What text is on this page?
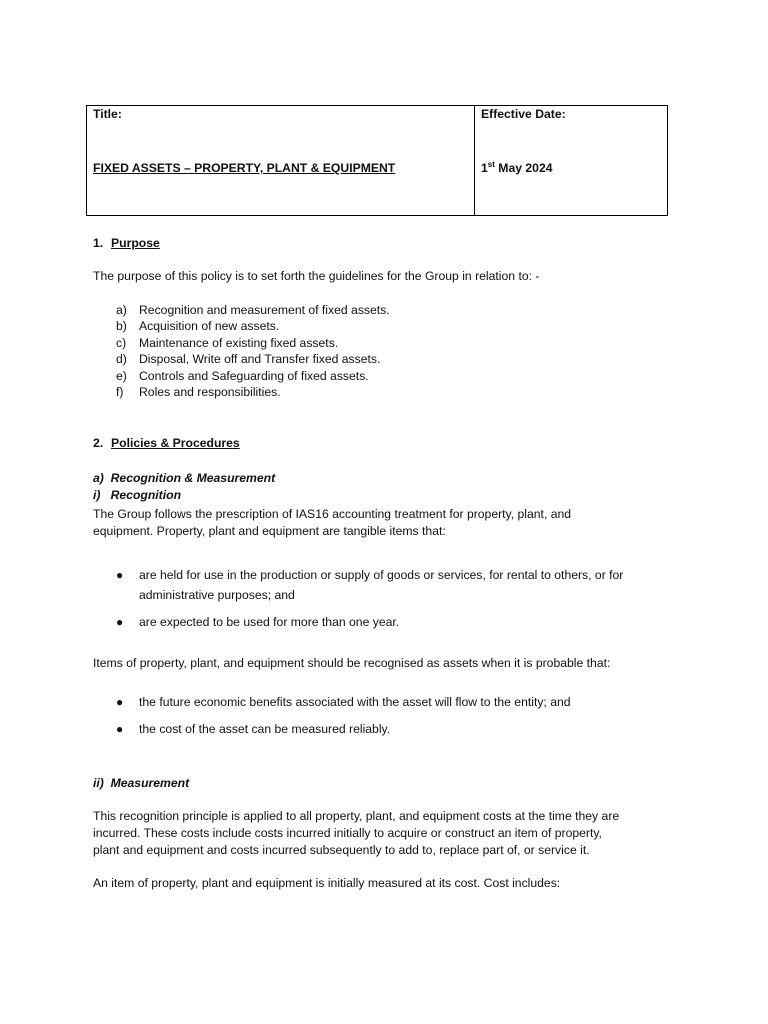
Title:
FIXED ASSETS – PROPERTY, PLANT & EQUIPMENT
Effective Date:
1st May 2024
1. Purpose
The purpose of this policy is to set forth the guidelines for the Group in relation to: -
a) Recognition and measurement of fixed assets.
b) Acquisition of new assets.
c) Maintenance of existing fixed assets.
d) Disposal, Write off and Transfer fixed assets.
e) Controls and Safeguarding of fixed assets.
f) Roles and responsibilities.
2. Policies & Procedures
a)  Recognition & Measurement
i)   Recognition
The Group follows the prescription of IAS16 accounting treatment for property, plant, and
equipment. Property, plant and equipment are tangible items that:
● are held for use in the production or supply of goods or services, for rental to others, or for
administrative purposes; and
● are expected to be used for more than one year.
Items of property, plant, and equipment should be recognised as assets when it is probable that:
● the future economic benefits associated with the asset will flow to the entity; and
● the cost of the asset can be measured reliably.
ii)  Measurement
This recognition principle is applied to all property, plant, and equipment costs at the time they are
incurred. These costs include costs incurred initially to acquire or construct an item of property,
plant and equipment and costs incurred subsequently to add to, replace part of, or service it.
An item of property, plant and equipment is initially measured at its cost. Cost includes:
